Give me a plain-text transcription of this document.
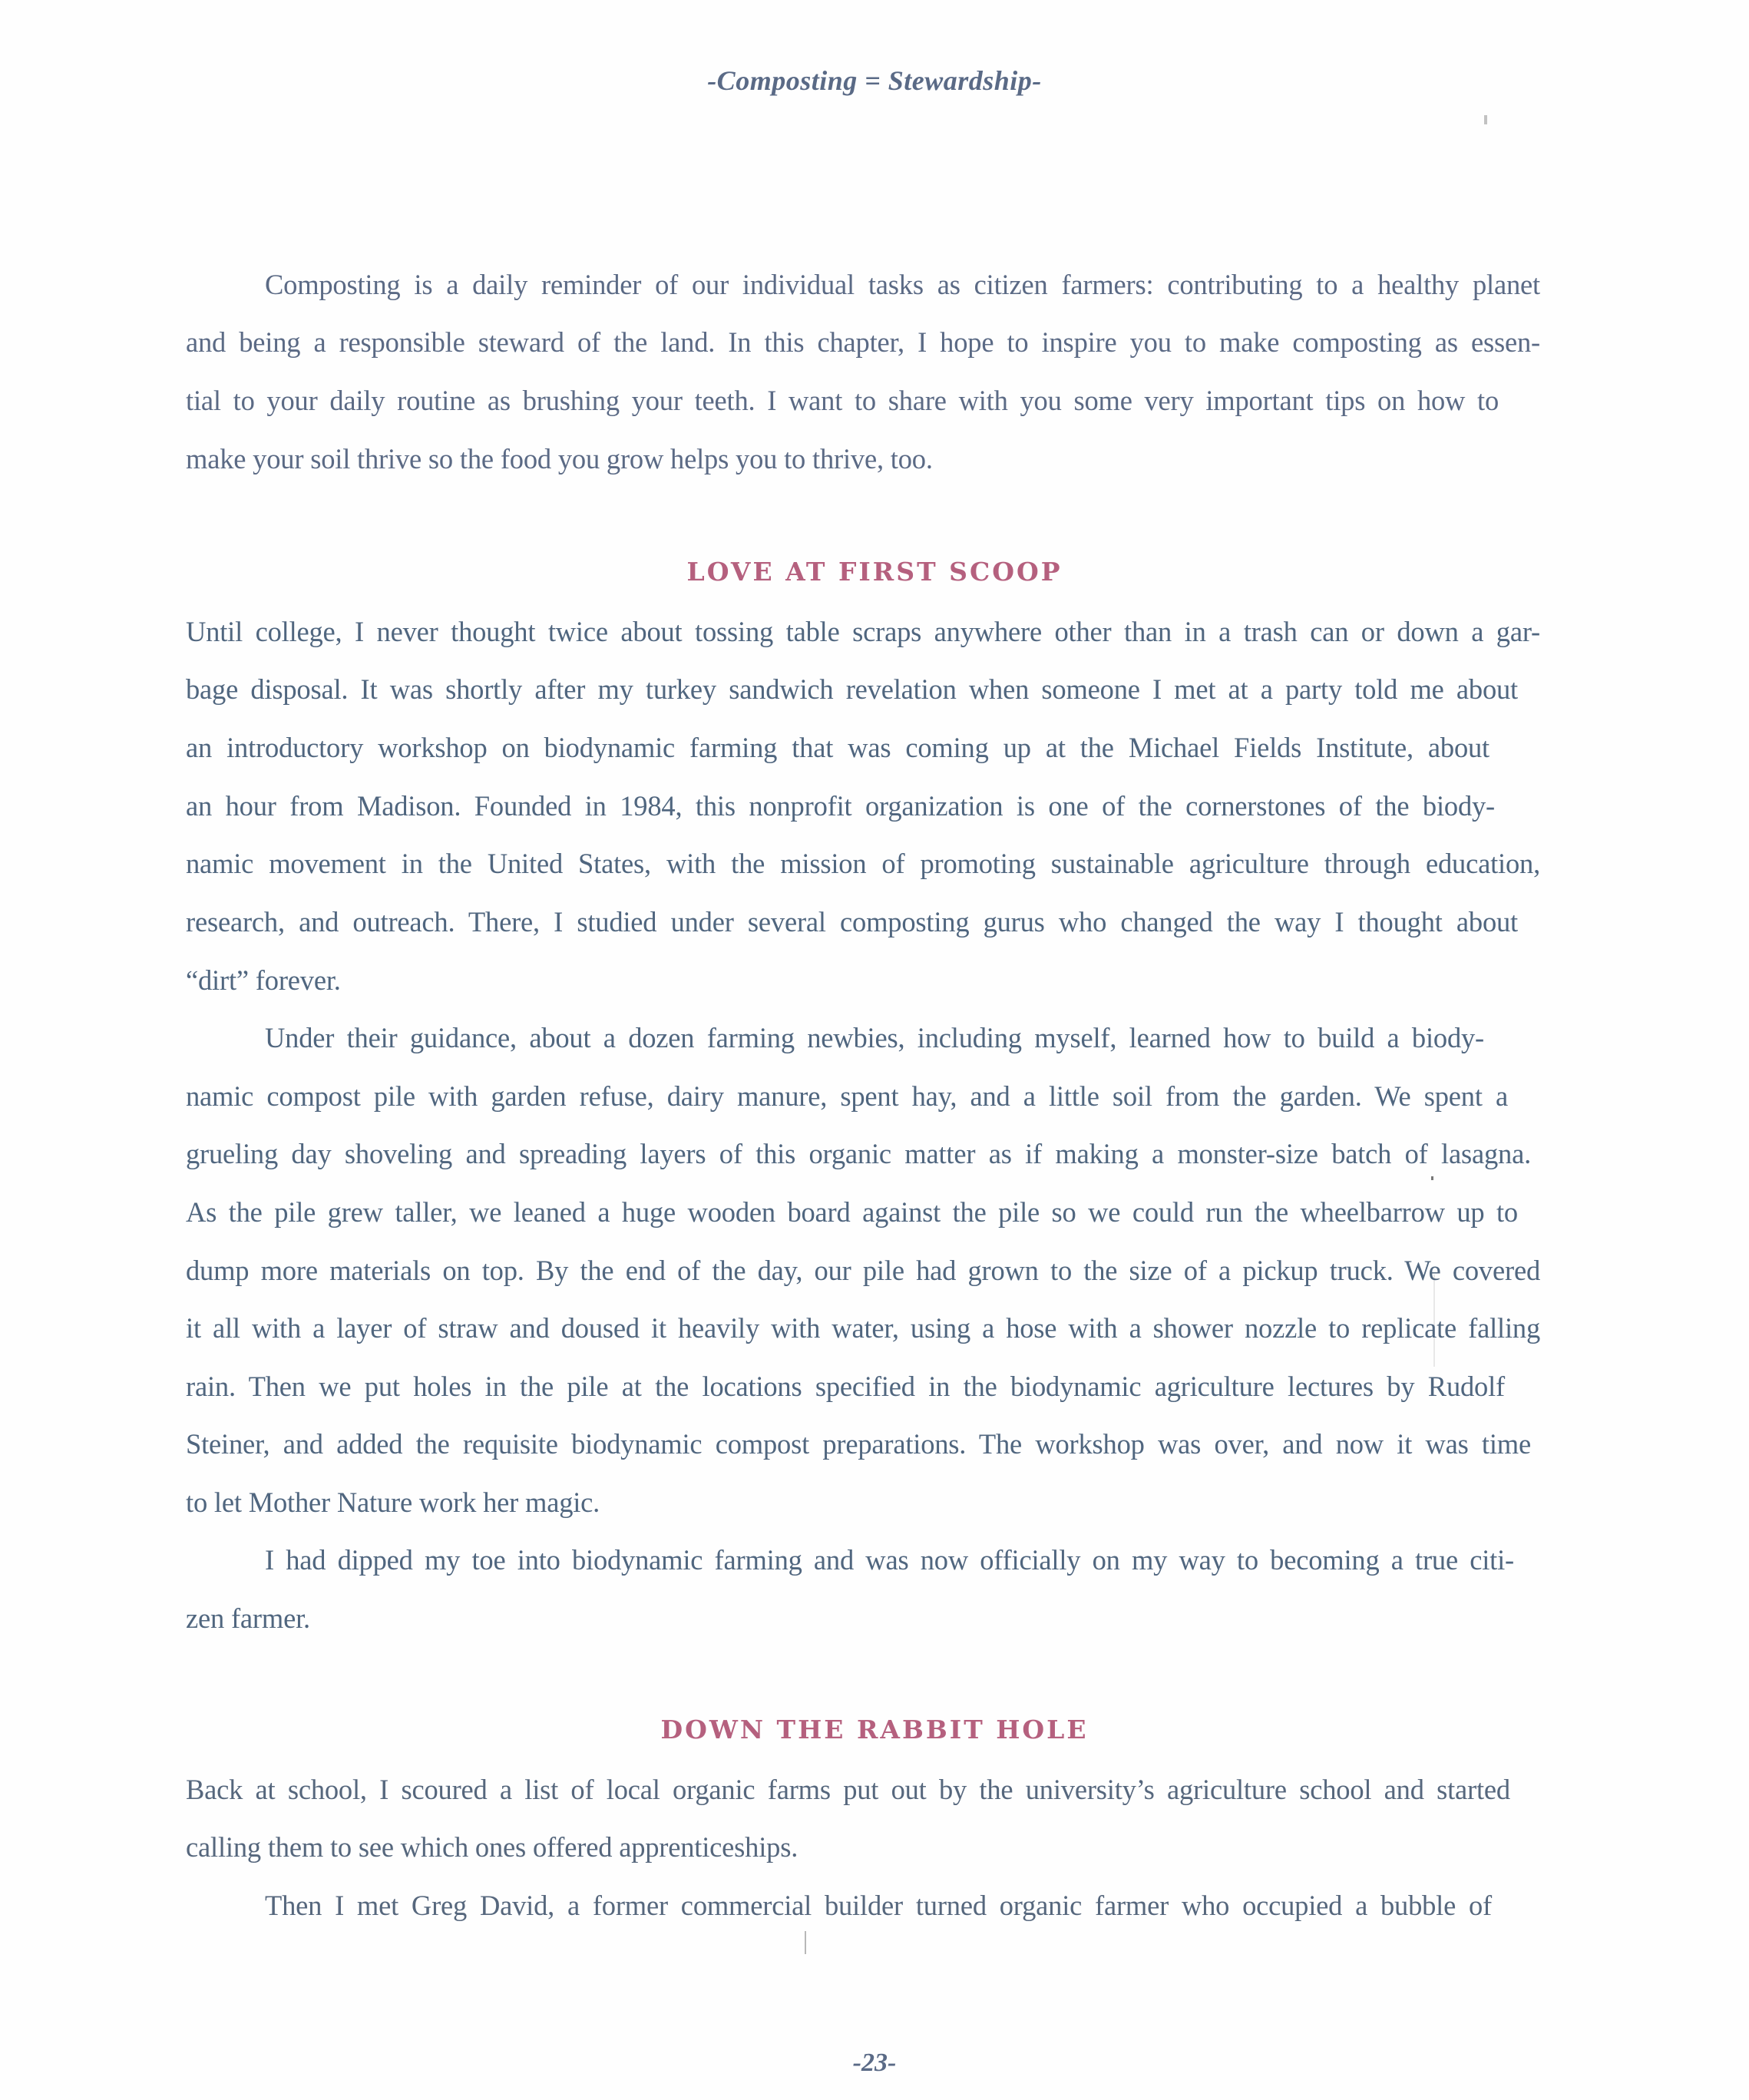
-Composting = Stewardship-
Composting is a daily reminder of our individual tasks as citizen farmers: contributing to a healthy planet
and being a responsible steward of the land. In this chapter, I hope to inspire you to make composting as essen-
tial to your daily routine as brushing your teeth. I want to share with you some very important tips on how to
make your soil thrive so the food you grow helps you to thrive, too.
LOVE AT FIRST SCOOP
Until college, I never thought twice about tossing table scraps anywhere other than in a trash can or down a gar-
bage disposal. It was shortly after my turkey sandwich revelation when someone I met at a party told me about
an introductory workshop on biodynamic farming that was coming up at the Michael Fields Institute, about
an hour from Madison. Founded in 1984, this nonprofit organization is one of the cornerstones of the biody-
namic movement in the United States, with the mission of promoting sustainable agriculture through education,
research, and outreach. There, I studied under several composting gurus who changed the way I thought about
“dirt” forever.
Under their guidance, about a dozen farming newbies, including myself, learned how to build a biody-
namic compost pile with garden refuse, dairy manure, spent hay, and a little soil from the garden. We spent a
grueling day shoveling and spreading layers of this organic matter as if making a monster-size batch of lasagna.
As the pile grew taller, we leaned a huge wooden board against the pile so we could run the wheelbarrow up to
dump more materials on top. By the end of the day, our pile had grown to the size of a pickup truck. We covered
it all with a layer of straw and doused it heavily with water, using a hose with a shower nozzle to replicate falling
rain. Then we put holes in the pile at the locations specified in the biodynamic agriculture lectures by Rudolf
Steiner, and added the requisite biodynamic compost preparations. The workshop was over, and now it was time
to let Mother Nature work her magic.
I had dipped my toe into biodynamic farming and was now officially on my way to becoming a true citi-
zen farmer.
DOWN THE RABBIT HOLE
Back at school, I scoured a list of local organic farms put out by the university’s agriculture school and started
calling them to see which ones offered apprenticeships.
Then I met Greg David, a former commercial builder turned organic farmer who occupied a bubble of
-23-
